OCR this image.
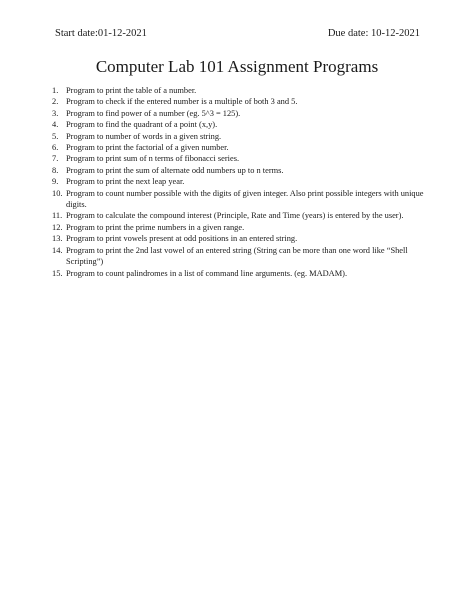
Start date:01-12-2021	Due date: 10-12-2021
Computer Lab 101 Assignment Programs
1. Program to print the table of a number.
2. Program to check if the entered number is a multiple of both 3 and 5.
3. Program to find power of a number (eg. 5^3 = 125).
4. Program to find the quadrant of a point (x,y).
5. Program to number of words in a given string.
6. Program to print the factorial of a given number.
7. Program to print sum of n terms of fibonacci series.
8. Program to print the sum of alternate odd numbers up to n terms.
9. Program to print the next leap year.
10. Program to count number possible with the digits of given integer. Also print possible integers with unique digits.
11. Program to calculate the compound interest (Principle, Rate and Time (years) is entered by the user).
12. Program to print the prime numbers in a given range.
13. Program to print vowels present at odd positions in an entered string.
14. Program to print the 2nd last vowel of an entered string (String can be more than one word like “Shell Scripting”)
15. Program to count palindromes in a list of command line arguments. (eg. MADAM).
